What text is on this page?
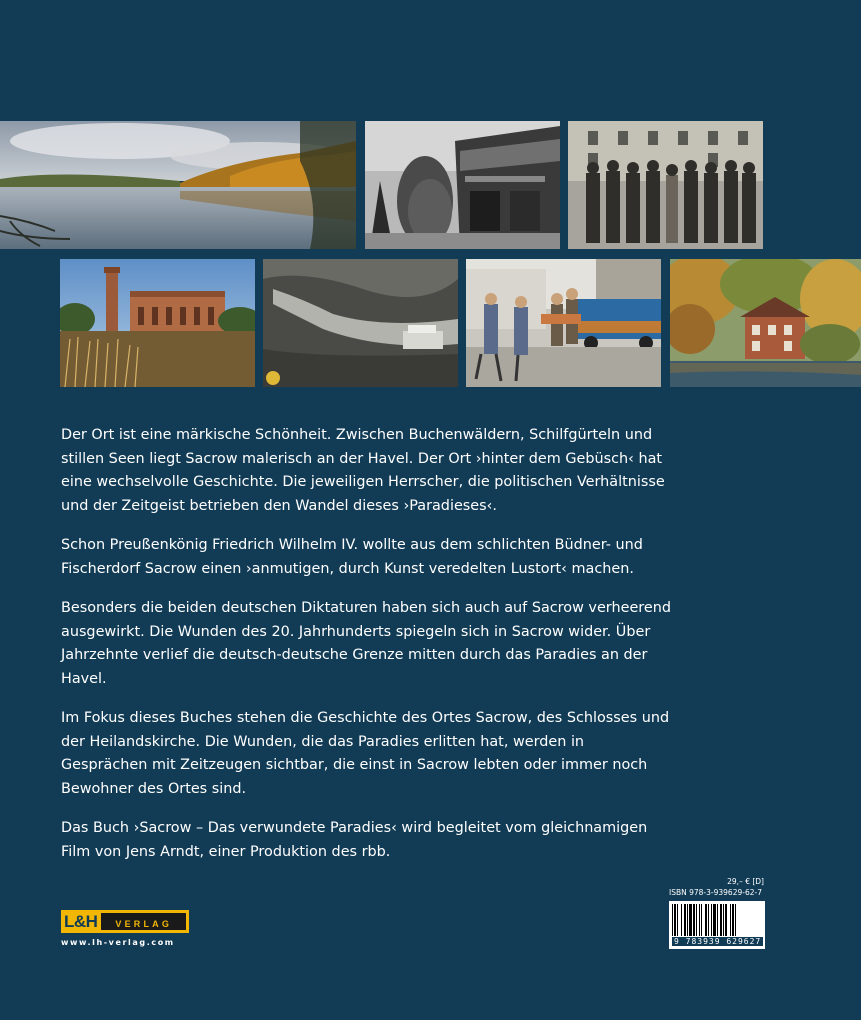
Der Ort ist eine märkische Schönheit. Zwischen Buchenwäldern, Schilfgürteln und stillen Seen liegt Sacrow malerisch an der Havel. Der Ort ›hinter dem Gebüsch‹ hat eine wechselvolle Geschichte. Die jeweiligen Herrscher, die politischen Verhältnisse und der Zeitgeist betrieben den Wandel dieses ›Paradieses‹.

Schon Preußenkönig Friedrich Wilhelm IV. wollte aus dem schlichten Büdner- und Fischerdorf Sacrow einen ›anmutigen, durch Kunst veredelten Lustort‹ machen.

Besonders die beiden deutschen Diktaturen haben sich auch auf Sacrow verheerend ausgewirkt. Die Wunden des 20. Jahrhunderts spiegeln sich in Sacrow wider. Über Jahrzehnte verlief die deutsch-deutsche Grenze mitten durch das Paradies an der Havel.

Im Fokus dieses Buches stehen die Geschichte des Ortes Sacrow, des Schlosses und der Heilandskirche. Die Wunden, die das Paradies erlitten hat, werden in Gesprächen mit Zeitzeugen sichtbar, die einst in Sacrow lebten oder immer noch Bewohner des Ortes sind.

Das Buch ›Sacrow – Das verwundete Paradies‹ wird begleitet vom gleichnamigen Film von Jens Arndt, einer Produktion des rbb.

L&H	VERLAG
www.lh-verlag.com
29,– € [D]
ISBN 978-3-939629-62-7
9 783939 629627
